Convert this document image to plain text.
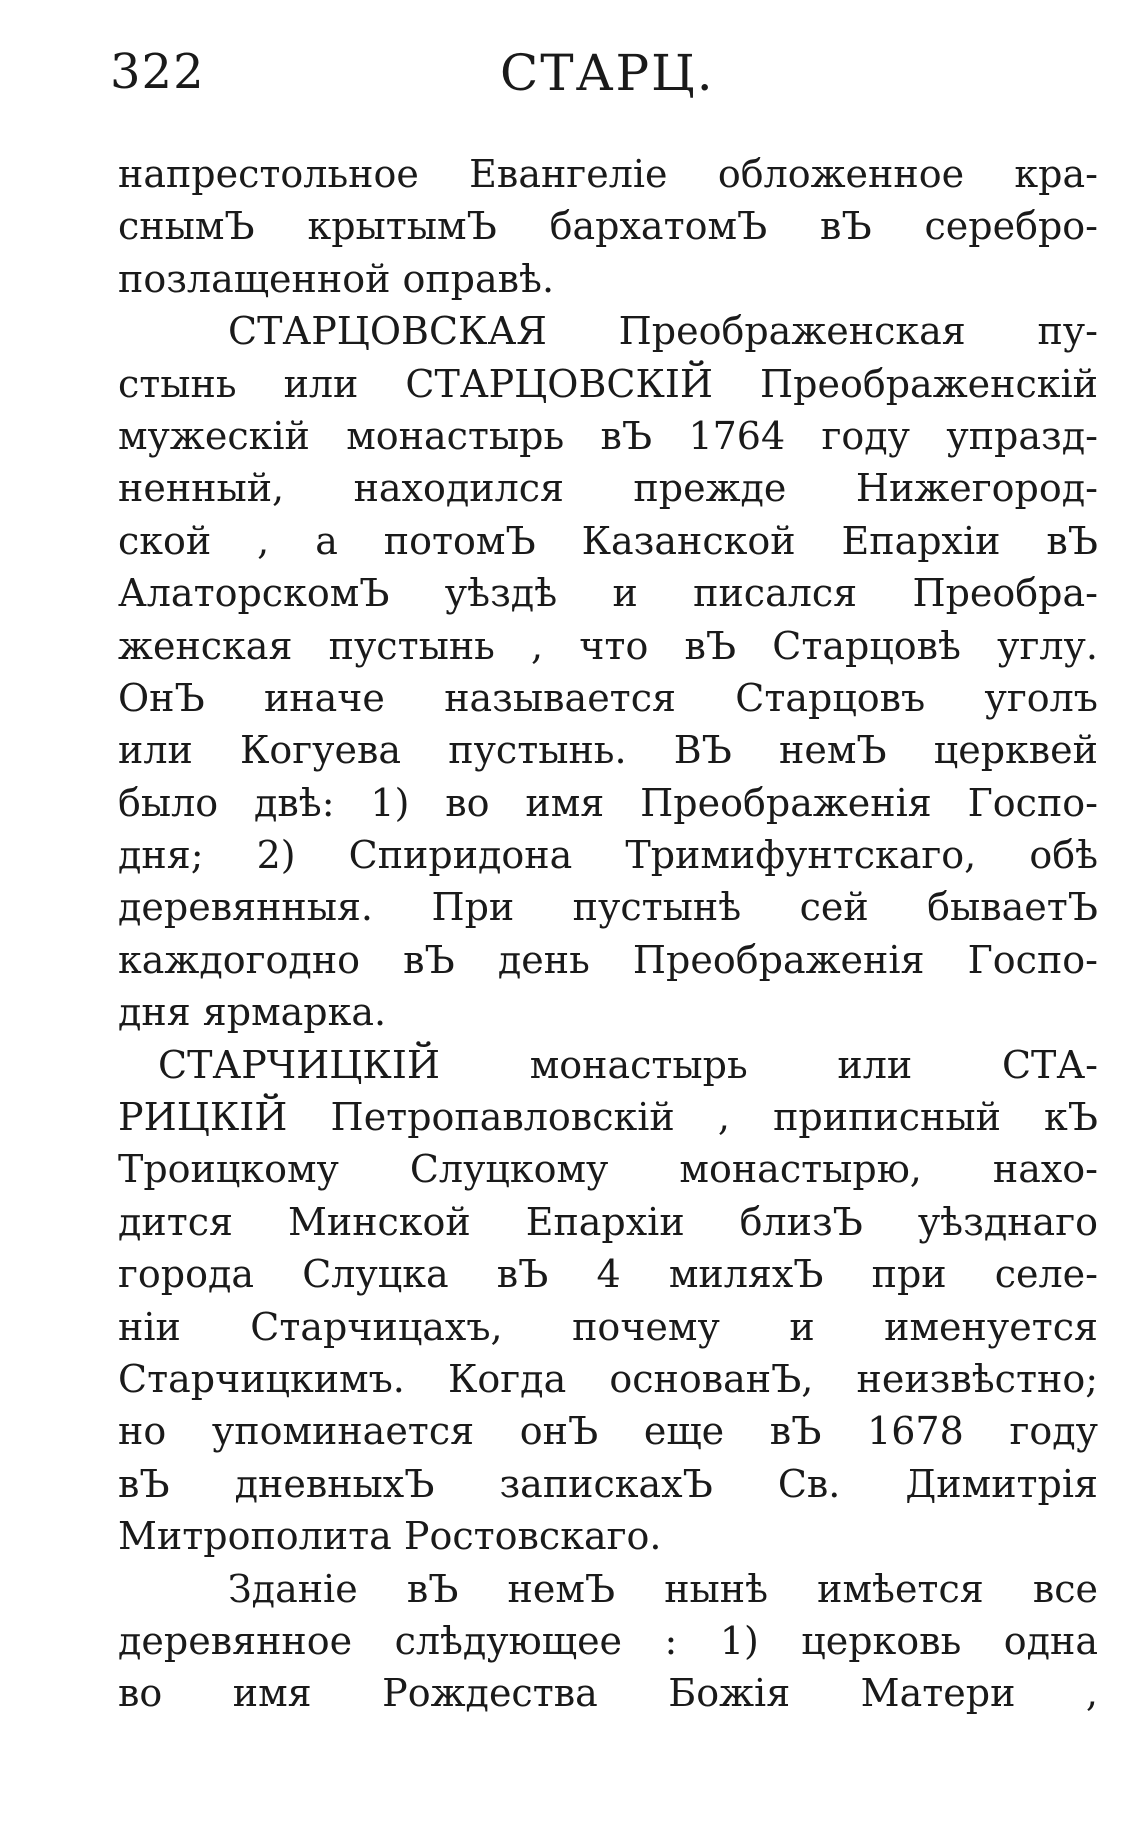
322	СТАРЦ.
напрестольное Евангеліе обложенное кра-
снымЪ крытымЪ бархатомЪ вЪ серебро-
позлащенной оправѣ.
СТАРЦОВСКАЯ Преображенская пу-
стынь или СТАРЦОВСКІЙ Преображенскій
мужескій монастырь вЪ 1764 году упразд-
ненный, находился прежде Нижегород-
ской , а потомЪ Казанской Епархіи вЪ
АлаторскомЪ уѣздѣ и писался Преобра-
женская пустынь , что вЪ Старцовѣ углу.
ОнЪ иначе называется Старцовъ уголъ
или Когуева пустынь. ВЪ немЪ церквей
было двѣ: 1) во имя Преображенія Госпо-
дня; 2) Спиридона Тримифунтскаго, обѣ
деревянныя. При пустынѣ сей бываетЪ
каждогодно вЪ день Преображенія Госпо-
дня ярмарка.
СТАРЧИЦКІЙ монастырь или СТА-
РИЦКІЙ Петропавловскій , приписный кЪ
Троицкому Слуцкому монастырю, нахо-
дится Минской Епархіи близЪ уѣзднаго
города Слуцка вЪ 4 миляхЪ при селе-
ніи Старчицахъ, почему и именуется
Старчицкимъ. Когда основанЪ, неизвѣстно;
но упоминается онЪ еще вЪ 1678 году
вЪ дневныхЪ запискахЪ Св. Димитрія
Митрополита Ростовскаго.
Зданіе вЪ немЪ нынѣ имѣется все
деревянное слѣдующее : 1) церковь одна
во имя Рождества Божія Матери ,
